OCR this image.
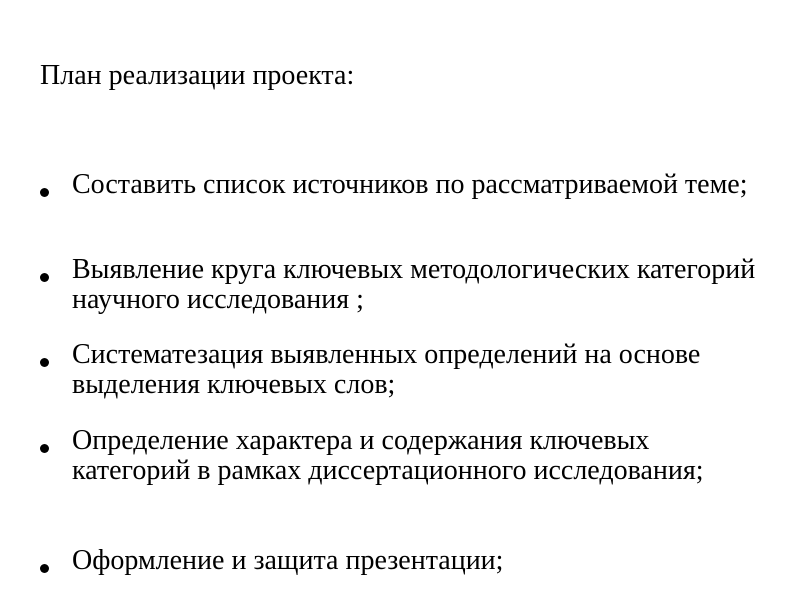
План реализации проекта:

Составить список источников по рассматриваемой теме;

Выявление круга ключевых методологических категорий научного исследования ;

Систематезация выявленных определений на основе выделения ключевых слов;

Определение характера и содержания ключевых категорий в рамках диссертационного исследования;

Оформление и защита презентации;
